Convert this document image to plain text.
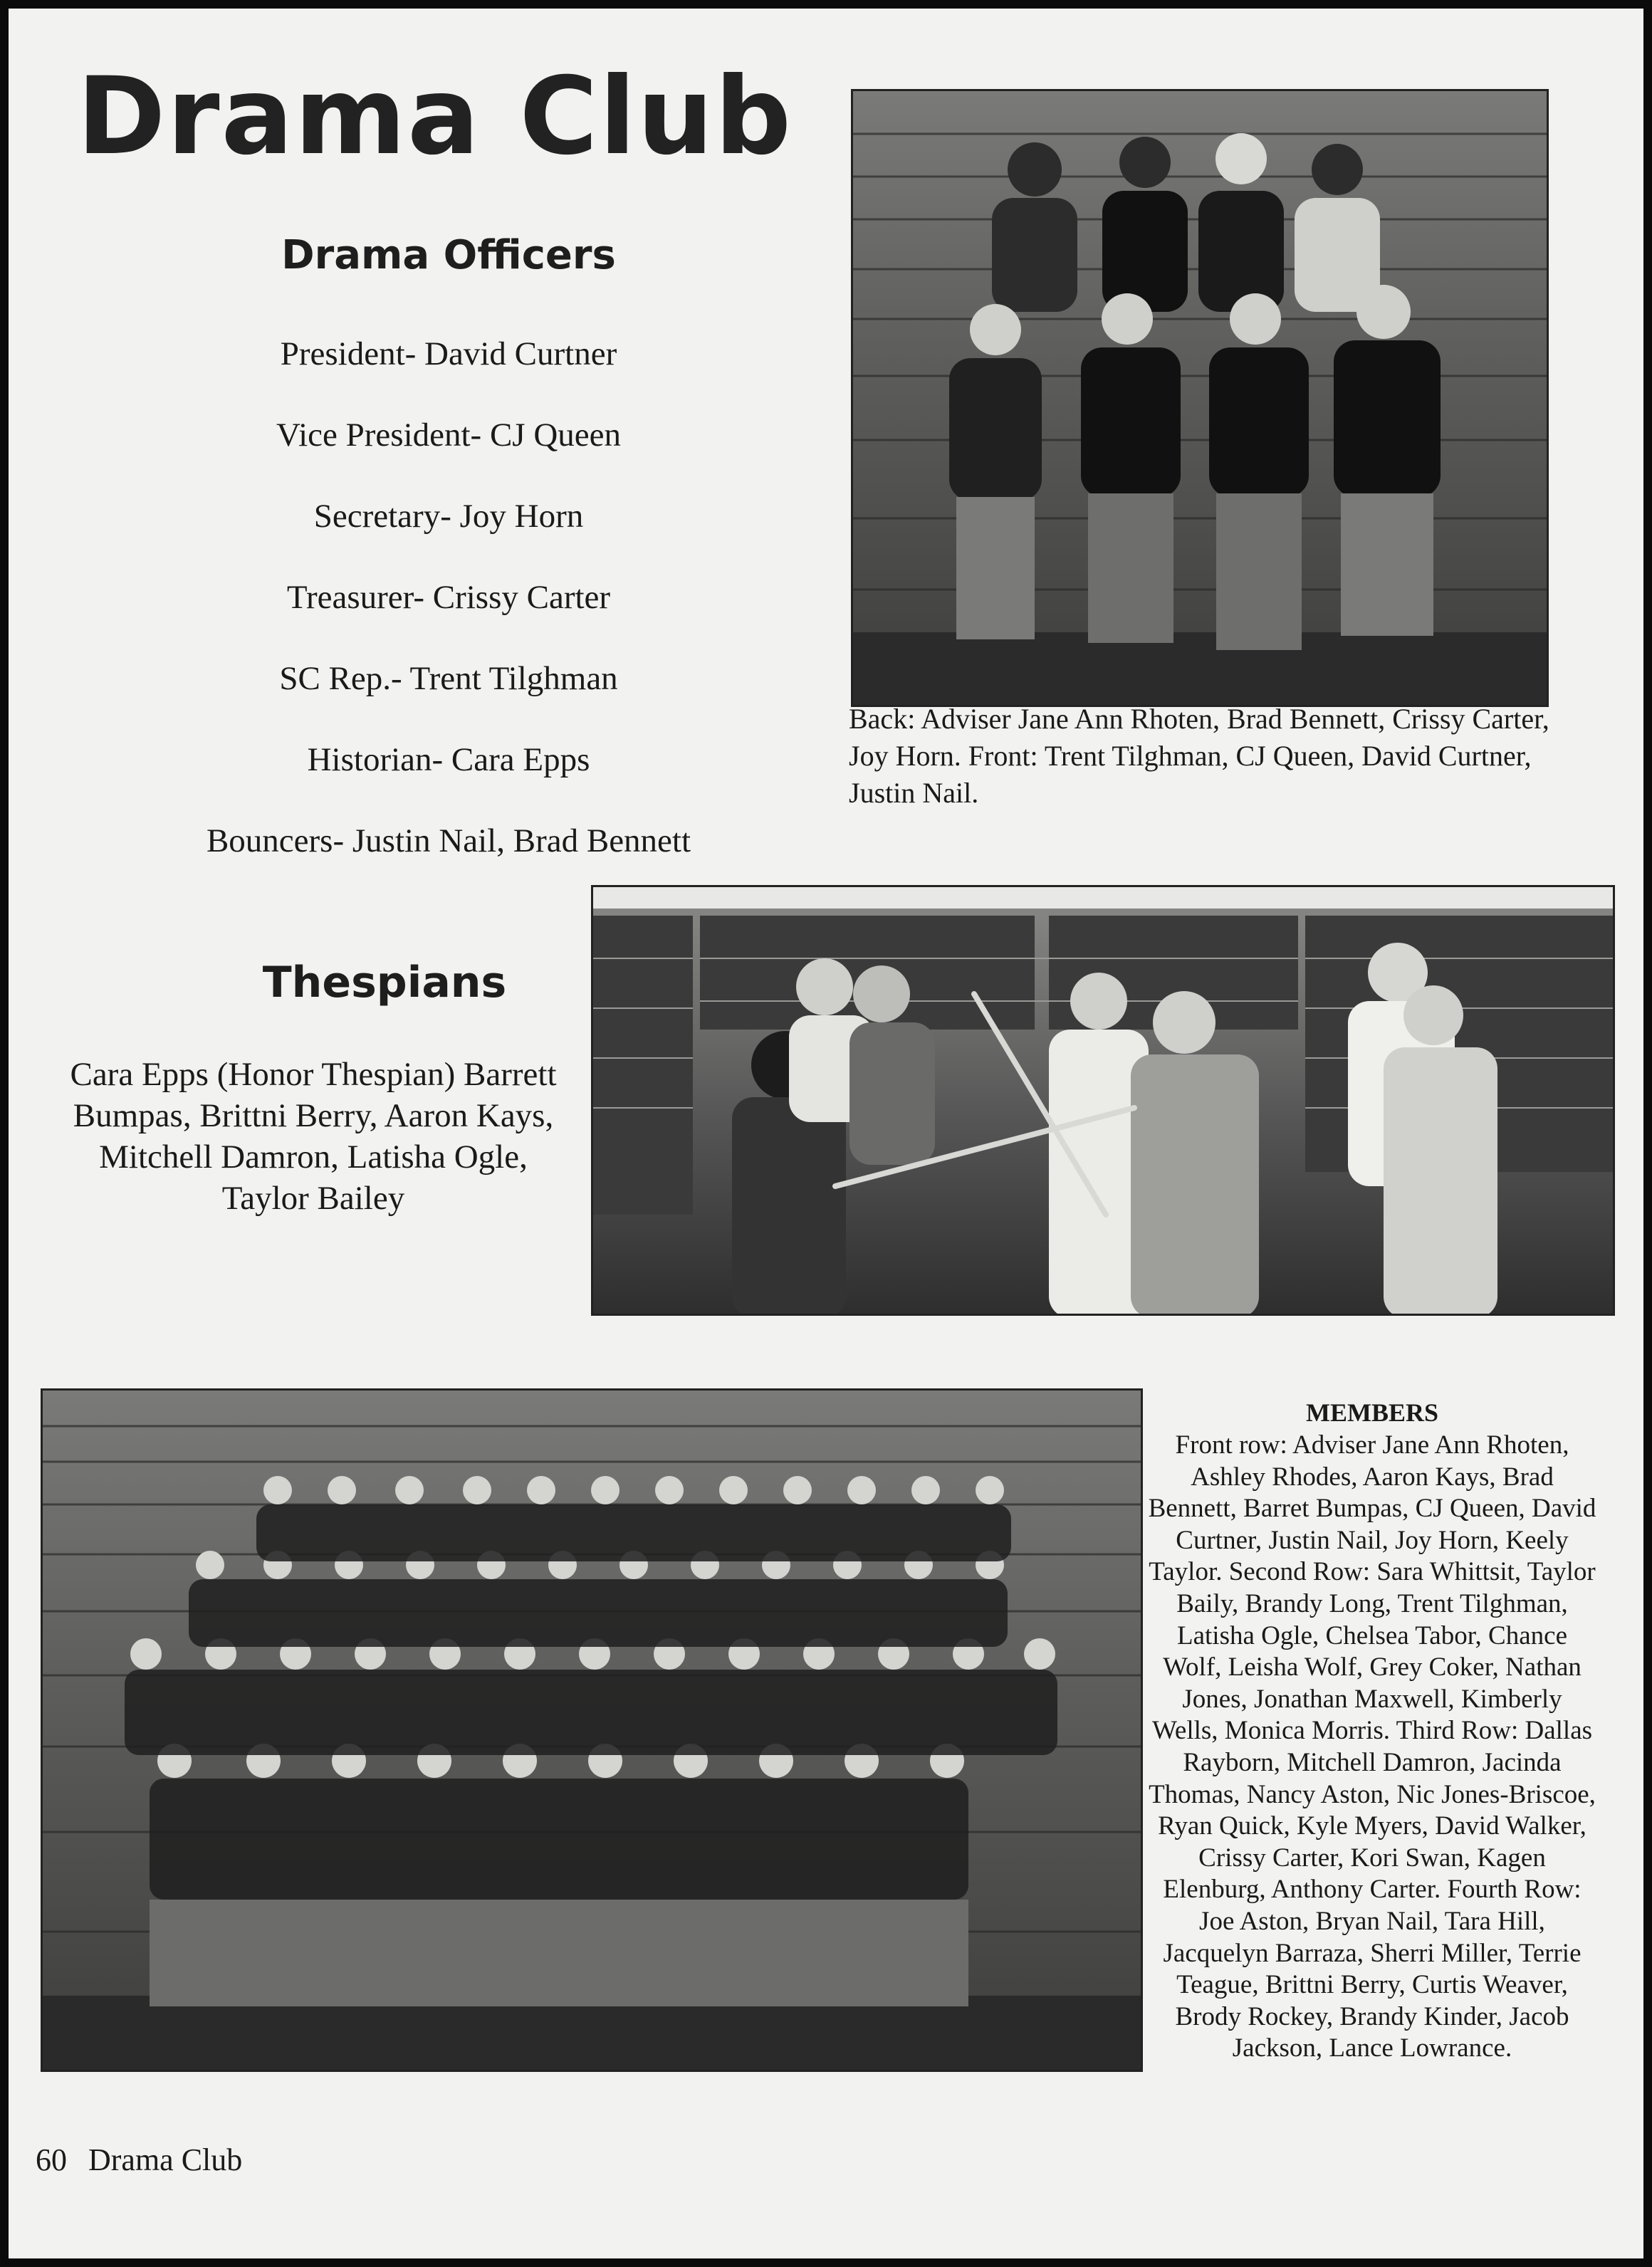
Drama Club
Drama Officers
President- David Curtner
Vice President- CJ Queen
Secretary- Joy Horn
Treasurer- Crissy Carter
SC Rep.- Trent Tilghman
Historian- Cara Epps
Bouncers- Justin Nail, Brad Bennett

Back: Adviser Jane Ann Rhoten, Brad Bennett, Crissy Carter, Joy Horn. Front: Trent Tilghman, CJ Queen, David Curtner, Justin Nail.

Thespians

Cara Epps (Honor Thespian) Barrett Bumpas, Brittni Berry, Aaron Kays, Mitchell Damron, Latisha Ogle, Taylor Bailey

MEMBERS

Front row: Adviser Jane Ann Rhoten, Ashley Rhodes, Aaron Kays, Brad Bennett, Barret Bumpas, CJ Queen, David Curtner, Justin Nail, Joy Horn, Keely Taylor. Second Row: Sara Whittsit, Taylor Baily, Brandy Long, Trent Tilghman, Latisha Ogle, Chelsea Tabor, Chance Wolf, Leisha Wolf, Grey Coker, Nathan Jones, Jonathan Maxwell, Kimberly Wells, Monica Morris. Third Row: Dallas Rayborn, Mitchell Damron, Jacinda Thomas, Nancy Aston, Nic Jones-Briscoe, Ryan Quick, Kyle Myers, David Walker, Crissy Carter, Kori Swan, Kagen Elenburg, Anthony Carter. Fourth Row: Joe Aston, Bryan Nail, Tara Hill, Jacquelyn Barraza, Sherri Miller, Terrie Teague, Brittni Berry, Curtis Weaver, Brody Rockey, Brandy Kinder, Jacob Jackson, Lance Lowrance.

60 Drama Club
